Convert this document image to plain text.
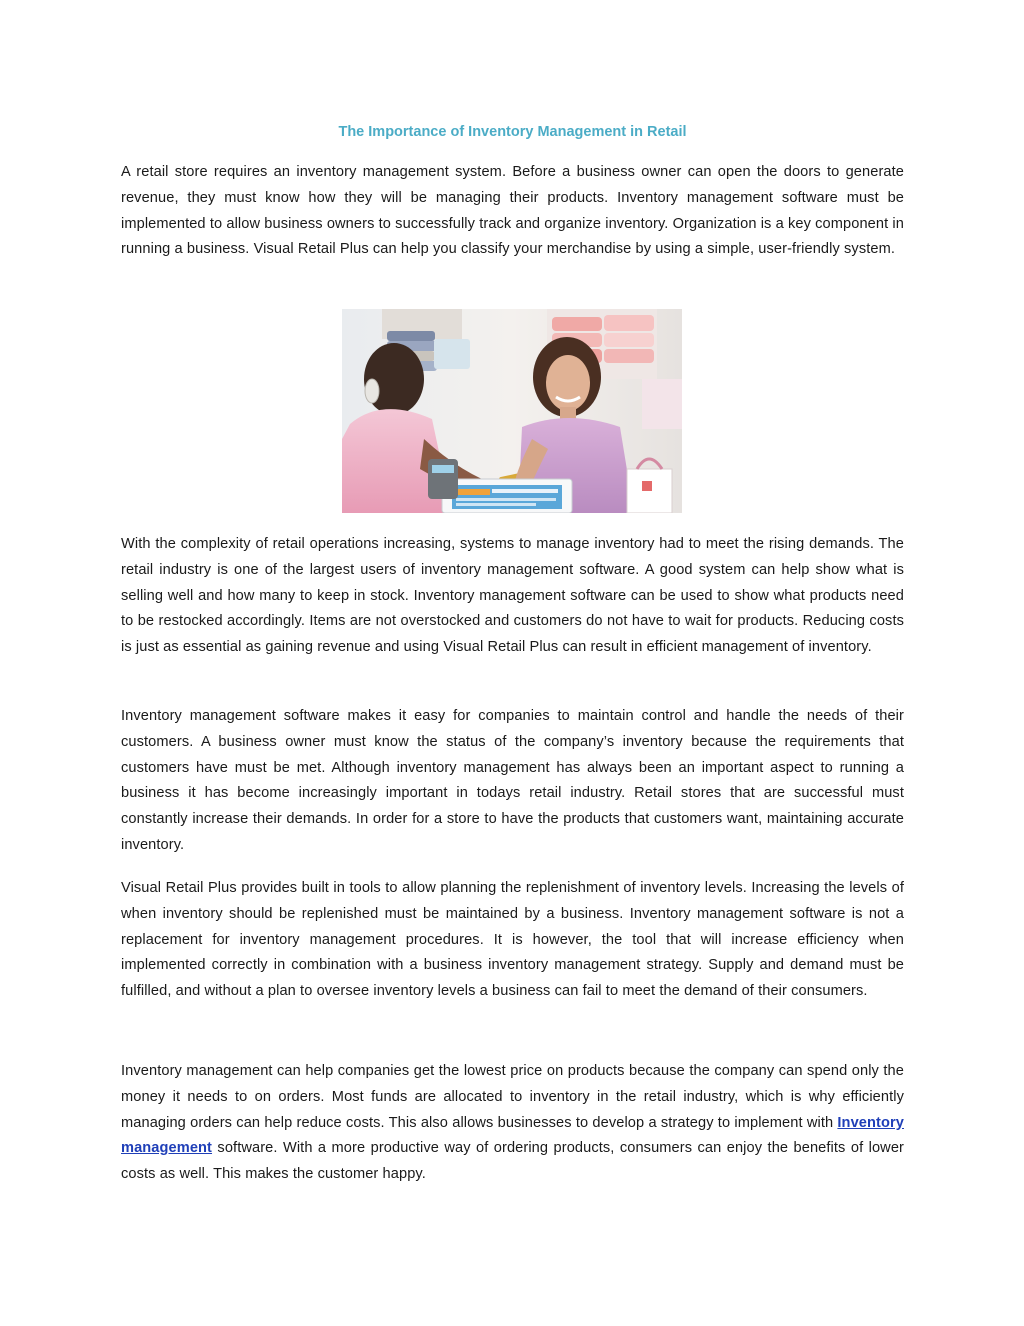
The Importance of Inventory Management in Retail

A retail store requires an inventory management system. Before a business owner can open the doors to generate revenue, they must know how they will be managing their products. Inventory management software must be implemented to allow business owners to successfully track and organize inventory. Organization is a key component in running a business. Visual Retail Plus can help you classify your merchandise by using a simple, user-friendly system.

With the complexity of retail operations increasing, systems to manage inventory had to meet the rising demands. The retail industry is one of the largest users of inventory management software. A good system can help show what is selling well and how many to keep in stock. Inventory management software can be used to show what products need to be restocked accordingly. Items are not overstocked and customers do not have to wait for products. Reducing costs is just as essential as gaining revenue and using Visual Retail Plus can result in efficient management of inventory.

Inventory management software makes it easy for companies to maintain control and handle the needs of their customers. A business owner must know the status of the company’s inventory because the requirements that customers have must be met. Although inventory management has always been an important aspect to running a business it has become increasingly important in todays retail industry. Retail stores that are successful must constantly increase their demands. In order for a store to have the products that customers want, maintaining accurate inventory.

Visual Retail Plus provides built in tools to allow planning the replenishment of inventory levels. Increasing the levels of when inventory should be replenished must be maintained by a business. Inventory management software is not a replacement for inventory management procedures. It is however, the tool that will increase efficiency when implemented correctly in combination with a business inventory management strategy. Supply and demand must be fulfilled, and without a plan to oversee inventory levels a business can fail to meet the demand of their consumers.

Inventory management can help companies get the lowest price on products because the company can spend only the money it needs to on orders. Most funds are allocated to inventory in the retail industry, which is why efficiently managing orders can help reduce costs. This also allows businesses to develop a strategy to implement with Inventory management software. With a more productive way of ordering products, consumers can enjoy the benefits of lower costs as well. This makes the customer happy.
